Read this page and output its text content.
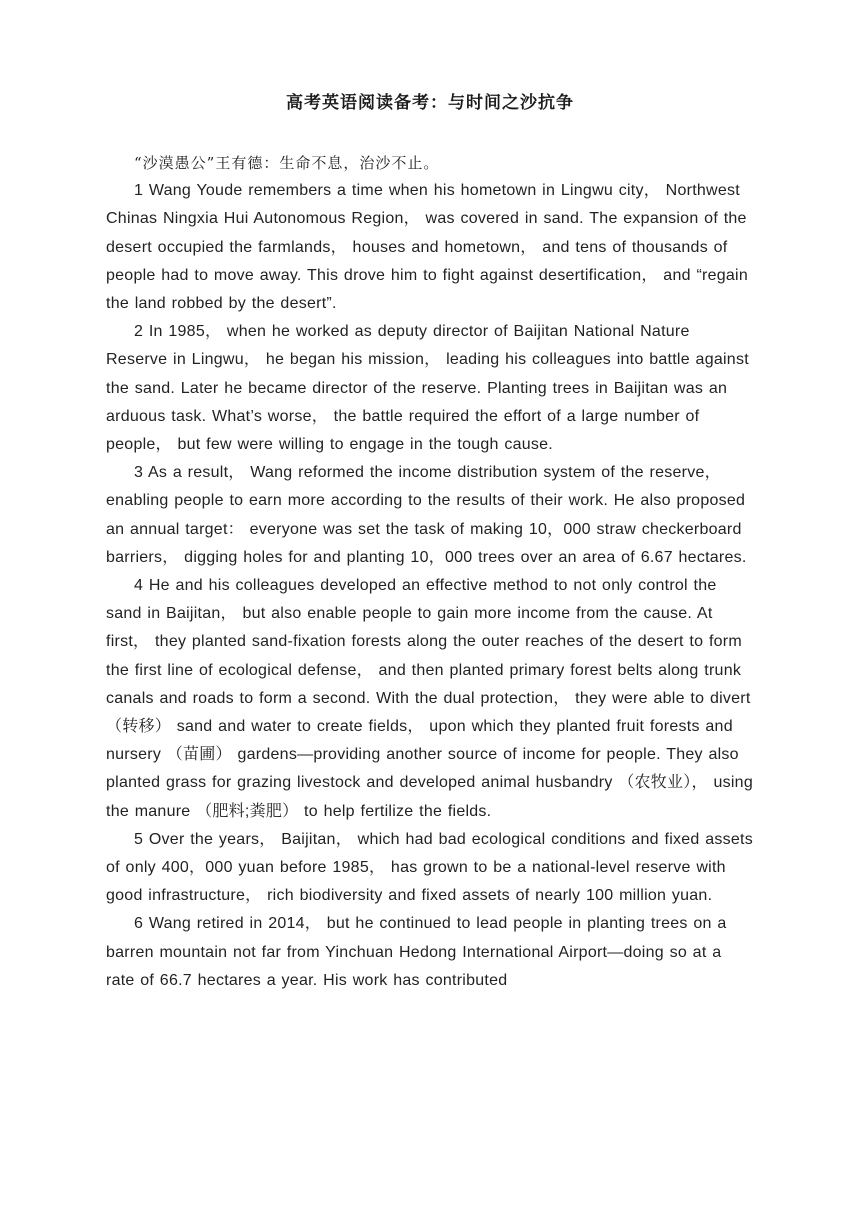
高考英语阅读备考：与时间之沙抗争

“沙漠愚公”王有德：生命不息，治沙不止。

1 Wang Youde remembers a time when his hometown in Lingwu city， Northwest Chinas Ningxia Hui Autonomous Region， was covered in sand. The expansion of the desert occupied the farmlands， houses and hometown， and tens of thousands of people had to move away. This drove him to fight against desertification， and “regain the land robbed by the desert”.

2 In 1985， when he worked as deputy director of Baijitan National Nature Reserve in Lingwu， he began his mission， leading his colleagues into battle against the sand. Later he became director of the reserve. Planting trees in Baijitan was an arduous task. What’s worse， the battle required the effort of a large number of people， but few were willing to engage in the tough cause.

3 As a result， Wang reformed the income distribution system of the reserve， enabling people to earn more according to the results of their work. He also proposed an annual target： everyone was set the task of making 10，000 straw checkerboard barriers， digging holes for and planting 10，000 trees over an area of 6.67 hectares.

4 He and his colleagues developed an effective method to not only control the sand in Baijitan， but also enable people to gain more income from the cause. At first， they planted sand-fixation forests along the outer reaches of the desert to form the first line of ecological defense， and then planted primary forest belts along trunk canals and roads to form a second. With the dual protection， they were able to divert （转移） sand and water to create fields， upon which they planted fruit forests and nursery （苗圃） gardens—providing another source of income for people. They also planted grass for grazing livestock and developed animal husbandry （农牧业）， using the manure （肥料;粪肥） to help fertilize the fields.

5 Over the years， Baijitan， which had bad ecological conditions and fixed assets of only 400，000 yuan before 1985， has grown to be a national-level reserve with good infrastructure， rich biodiversity and fixed assets of nearly 100 million yuan.

6 Wang retired in 2014， but he continued to lead people in planting trees on a barren mountain not far from Yinchuan Hedong International Airport—doing so at a rate of 66.7 hectares a year. His work has contributed
